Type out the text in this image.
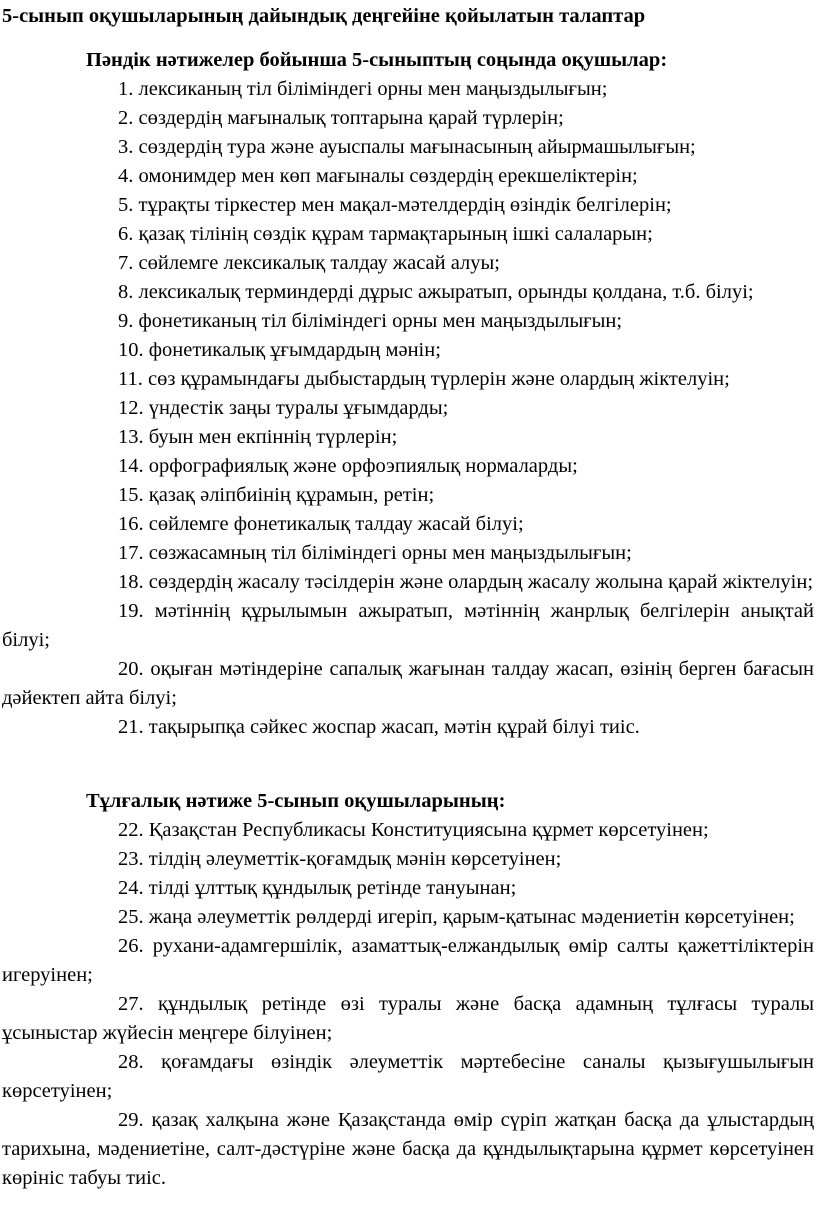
5-сынып оқушыларының дайындық деңгейіне қойылатын талаптар
Пәндік нәтижелер бойынша 5-сыныптың соңында оқушылар:
1. лексиканың тіл біліміндегі орны мен маңыздылығын;
2. сөздердің мағыналық топтарына қарай түрлерін;
3. сөздердің тура және ауыспалы мағынасының айырмашылығын;
4. омонимдер мен көп мағыналы сөздердің ерекшеліктерін;
5. тұрақты тіркестер мен мақал-мәтелдердің өзіндік белгілерін;
6. қазақ тілінің сөздік құрам тармақтарының ішкі салаларын;
7. сөйлемге лексикалық талдау жасай алуы;
8. лексикалық терминдерді дұрыс ажыратып, орынды қолдана, т.б. білуі;
9. фонетиканың тіл біліміндегі орны мен маңыздылығын;
10. фонетикалық ұғымдардың мәнін;
11. сөз құрамындағы дыбыстардың түрлерін және олардың жіктелуін;
12. үндестік заңы туралы ұғымдарды;
13. буын мен екпіннің түрлерін;
14. орфографиялық және орфоэпиялық нормаларды;
15. қазақ әліпбиінің құрамын, ретін;
16. сөйлемге фонетикалық талдау жасай білуі;
17. сөзжасамның тіл біліміндегі орны мен маңыздылығын;
18. сөздердің жасалу тәсілдерін және олардың жасалу жолына қарай жіктелуін;
19. мәтіннің құрылымын ажыратып, мәтіннің жанрлық белгілерін анықтай білуі;
20. оқыған мәтіндеріне сапалық жағынан талдау жасап, өзінің берген бағасын дәйектеп айта білуі;
21. тақырыпқа сәйкес жоспар жасап, мәтін құрай білуі тиіс.
Тұлғалық нәтиже 5-сынып оқушыларының:
22. Қазақстан Республикасы Конституциясына құрмет көрсетуінен;
23. тілдің әлеуметтік-қоғамдық мәнін көрсетуінен;
24. тілді ұлттық құндылық ретінде тануынан;
25. жаңа әлеуметтік рөлдерді игеріп, қарым-қатынас мәдениетін көрсетуінен;
26. рухани-адамгершілік, азаматтық-елжандылық өмір салты қажеттіліктерін игеруінен;
27. құндылық ретінде өзі туралы және басқа адамның тұлғасы туралы ұсыныстар жүйесін меңгере білуінен;
28. қоғамдағы өзіндік әлеуметтік мәртебесіне саналы қызығушылығын көрсетуінен;
29. қазақ халқына және Қазақстанда өмір сүріп жатқан басқа да ұлыстардың тарихына, мәдениетіне, салт-дәстүріне және басқа да құндылықтарына құрмет көрсетуінен көрініс табуы тиіс.
